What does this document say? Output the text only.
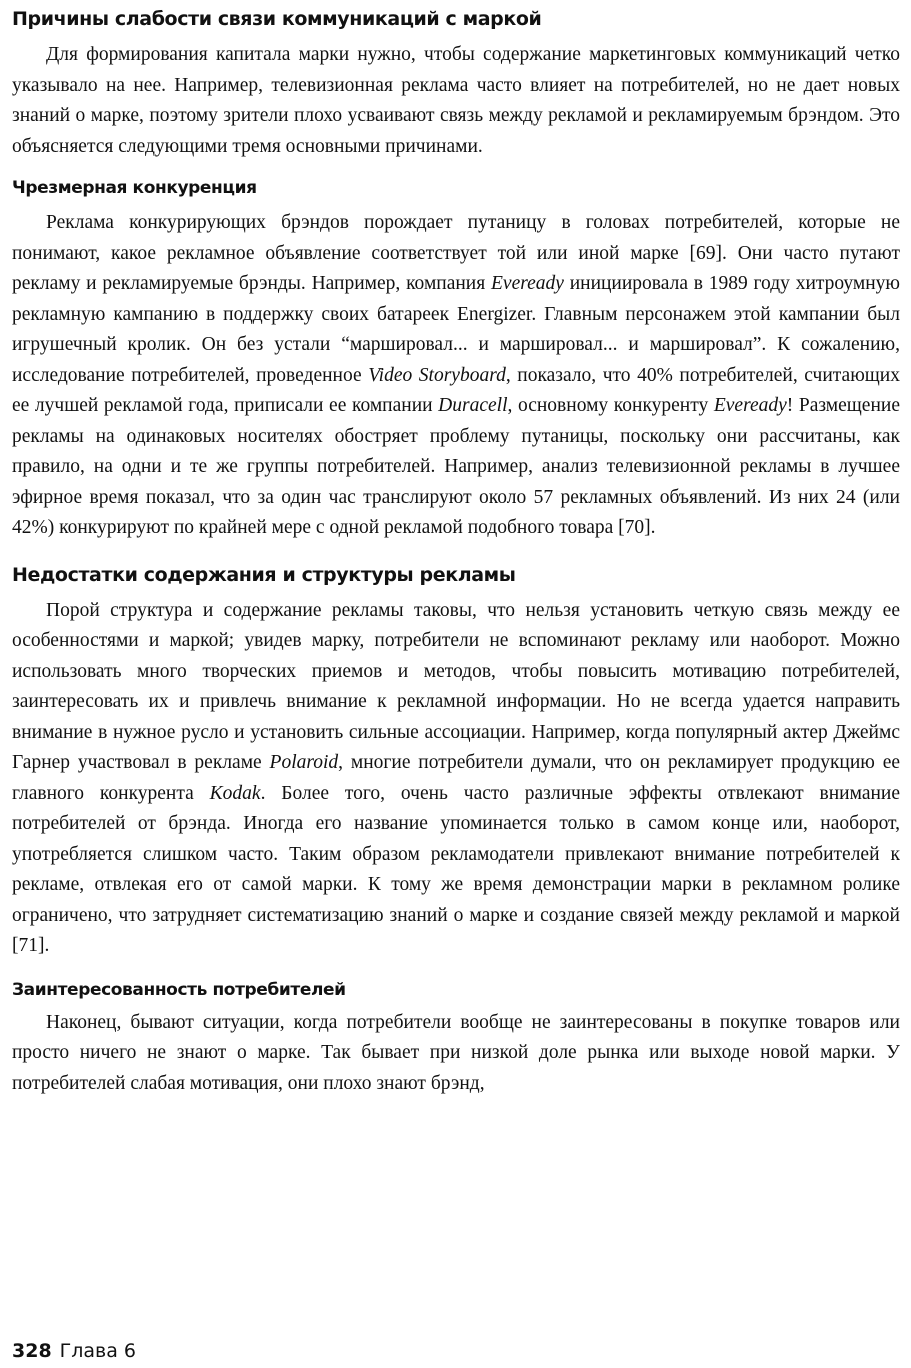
Причины слабости связи коммуникаций с маркой

Для формирования капитала марки нужно, чтобы содержание маркетинговых коммуникаций четко указывало на нее. Например, телевизионная реклама часто влияет на потребителей, но не дает новых знаний о марке, поэтому зрители плохо усваивают связь между рекламой и рекламируемым брэндом. Это объясняется следующими тремя основными причинами.

Чрезмерная конкуренция

Реклама конкурирующих брэндов порождает путаницу в головах потребителей, которые не понимают, какое рекламное объявление соответствует той или иной марке [69]. Они часто путают рекламу и рекламируемые брэнды. Например, компания Eveready инициировала в 1989 году хитроумную рекламную кампанию в поддержку своих батареек Energizer. Главным персонажем этой кампании был игрушечный кролик. Он без устали “маршировал... и маршировал... и маршировал”. К сожалению, исследование потребителей, проведенное Video Storyboard, показало, что 40% потребителей, считающих ее лучшей рекламой года, приписали ее компании Duracell, основному конкуренту Eveready! Размещение рекламы на одинаковых носителях обостряет проблему путаницы, поскольку они рассчитаны, как правило, на одни и те же группы потребителей. Например, анализ телевизионной рекламы в лучшее эфирное время показал, что за один час транслируют около 57 рекламных объявлений. Из них 24 (или 42%) конкурируют по крайней мере с одной рекламой подобного товара [70].

Недостатки содержания и структуры рекламы

Порой структура и содержание рекламы таковы, что нельзя установить четкую связь между ее особенностями и маркой; увидев марку, потребители не вспоминают рекламу или наоборот. Можно использовать много творческих приемов и методов, чтобы повысить мотивацию потребителей, заинтересовать их и привлечь внимание к рекламной информации. Но не всегда удается направить внимание в нужное русло и установить сильные ассоциации. Например, когда популярный актер Джеймс Гарнер участвовал в рекламе Polaroid, многие потребители думали, что он рекламирует продукцию ее главного конкурента Kodak. Более того, очень часто различные эффекты отвлекают внимание потребителей от брэнда. Иногда его название упоминается только в самом конце или, наоборот, употребляется слишком часто. Таким образом рекламодатели привлекают внимание потребителей к рекламе, отвлекая его от самой марки. К тому же время демонстрации марки в рекламном ролике ограничено, что затрудняет систематизацию знаний о марке и создание связей между рекламой и маркой [71].

Заинтересованность потребителей

Наконец, бывают ситуации, когда потребители вообще не заинтересованы в покупке товаров или просто ничего не знают о марке. Так бывает при низкой доле рынка или выходе новой марки. У потребителей слабая мотивация, они плохо знают брэнд,

328 Глава 6
